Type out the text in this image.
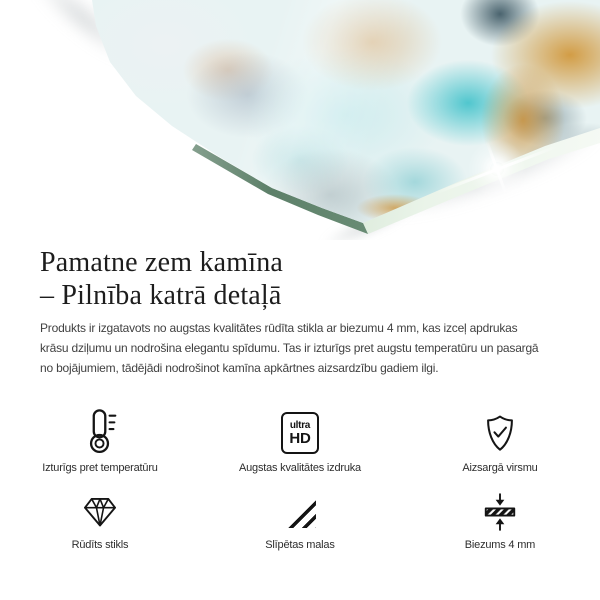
Pamatne zem kamīna
– Pilnība katrā detaļā
Produkts ir izgatavots no augstas kvalitātes rūdīta stikla ar biezumu 4 mm, kas izceļ apdrukas
krāsu dziļumu un nodrošina elegantu spīdumu. Tas ir izturīgs pret augstu temperatūru un pasargā
no bojājumiem, tādējādi nodrošinot kamīna apkārtnes aizsardzību gadiem ilgi.
Izturīgs pret temperatūru
ultra
HD
Augstas kvalitātes izdruka	Aizsargā virsmu
Rūdīts stikls	Slīpētas malas	Biezums 4 mm
